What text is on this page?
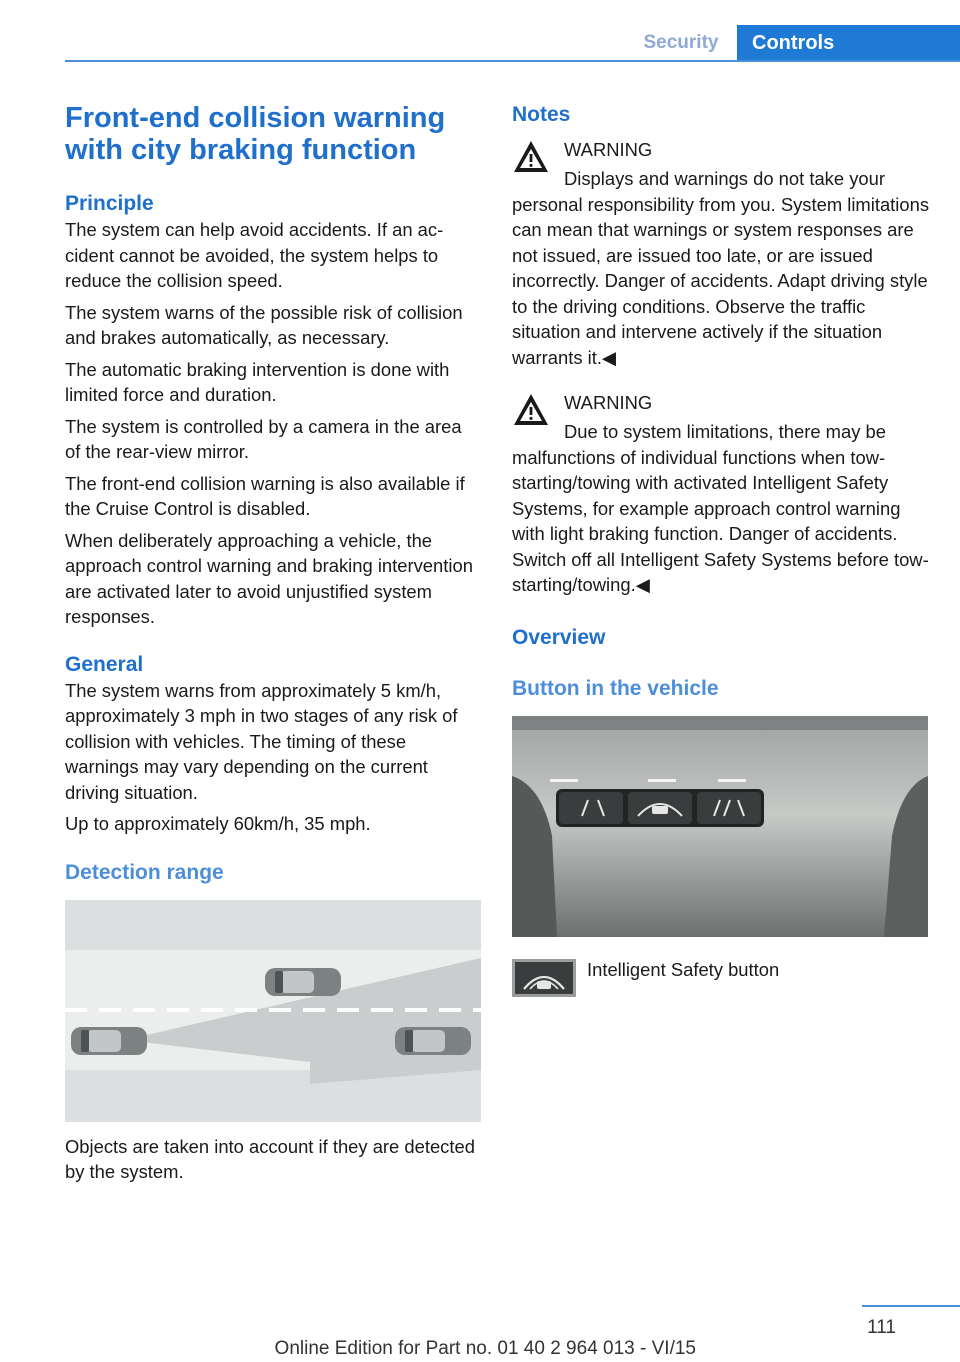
Security	Controls
Front-end collision warning with city braking function
Principle

The system can help avoid accidents. If an accident cannot be avoided, the system helps to reduce the collision speed.

The system warns of the possible risk of collision and brakes automatically, as necessary.

The automatic braking intervention is done with limited force and duration.

The system is controlled by a camera in the area of the rear-view mirror.

The front-end collision warning is also available if the Cruise Control is disabled.

When deliberately approaching a vehicle, the approach control warning and braking intervention are activated later to avoid unjustified system responses.

General

The system warns from approximately 5 km/h, approximately 3 mph in two stages of any risk of collision with vehicles. The timing of these warnings may vary depending on the current driving situation.

Up to approximately 60km/h, 35 mph.

Detection range

Objects are taken into account if they are detected by the system.

Notes
WARNING

Displays and warnings do not take your personal responsibility from you. System limitations can mean that warnings or system responses are not issued, are issued too late, or are issued incorrectly. Danger of accidents. Adapt driving style to the driving conditions. Observe the traffic situation and intervene actively if the situation warrants it.◀

WARNING

Due to system limitations, there may be malfunctions of individual functions when tow-starting/towing with activated Intelligent Safety Systems, for example approach control warning with light braking function. Danger of accidents. Switch off all Intelligent Safety Systems before tow-starting/towing.◀

Overview
Button in the vehicle
Intelligent Safety button
111
Online Edition for Part no. 01 40 2 964 013 - VI/15
